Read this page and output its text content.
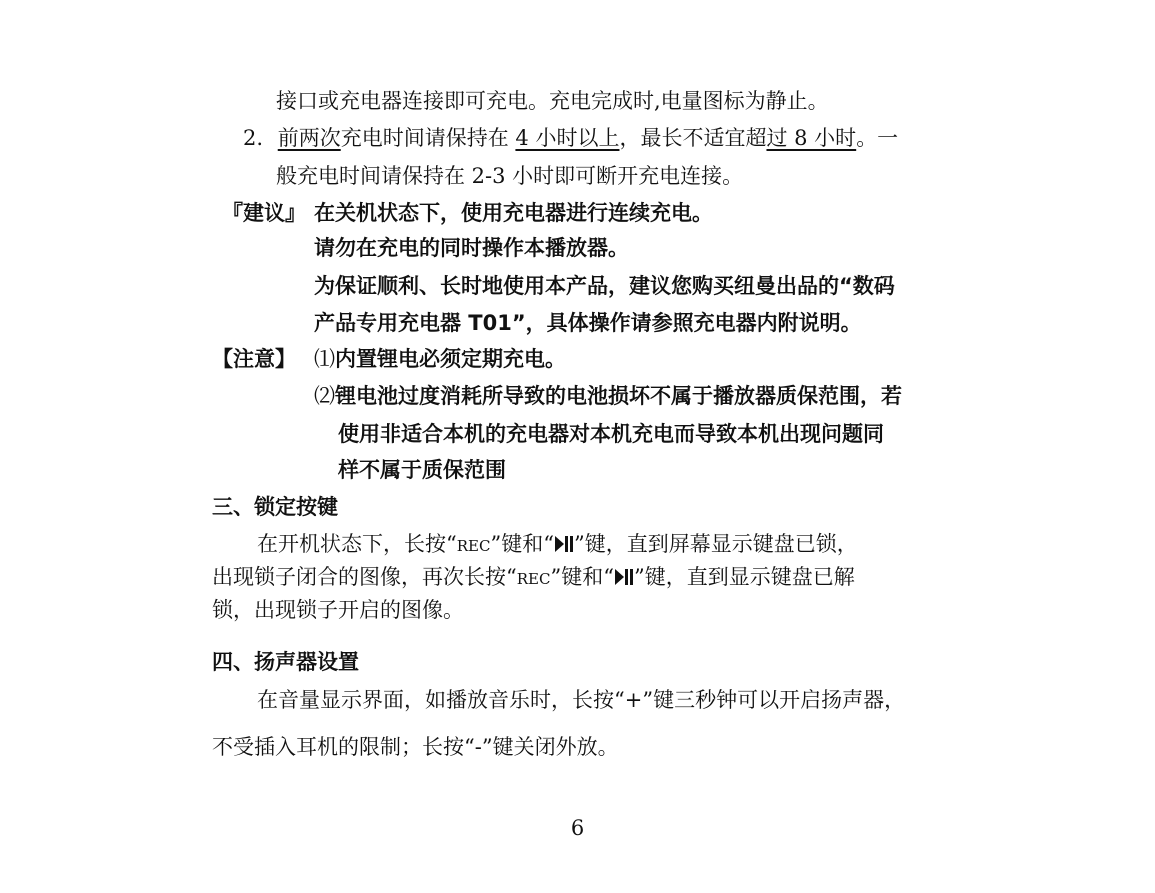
接口或充电器连接即可充电。充电完成时,电量图标为静止。
2. 前两次充电时间请保持在 4 小时以上，最长不适宜超过 8 小时。一
般充电时间请保持在 2-3 小时即可断开充电连接。
『建议』 在关机状态下，使用充电器进行连续充电。
请勿在充电的同时操作本播放器。
为保证顺利、长时地使用本产品，建议您购买纽曼出品的“数码
产品专用充电器 T01”，具体操作请参照充电器内附说明。
【注意】 ⑴内置锂电必须定期充电。
⑵锂电池过度消耗所导致的电池损坏不属于播放器质保范围，若
使用非适合本机的充电器对本机充电而导致本机出现问题同
样不属于质保范围
三、锁定按键
在开机状态下，长按“REC”键和“ ”键，直到屏幕显示键盘已锁，
出现锁子闭合的图像，再次长按“REC”键和“ ”键，直到显示键盘已解
锁，出现锁子开启的图像。
四、扬声器设置
在音量显示界面，如播放音乐时，长按“+”键三秒钟可以开启扬声器，
不受插入耳机的限制；长按“-”键关闭外放。
6
